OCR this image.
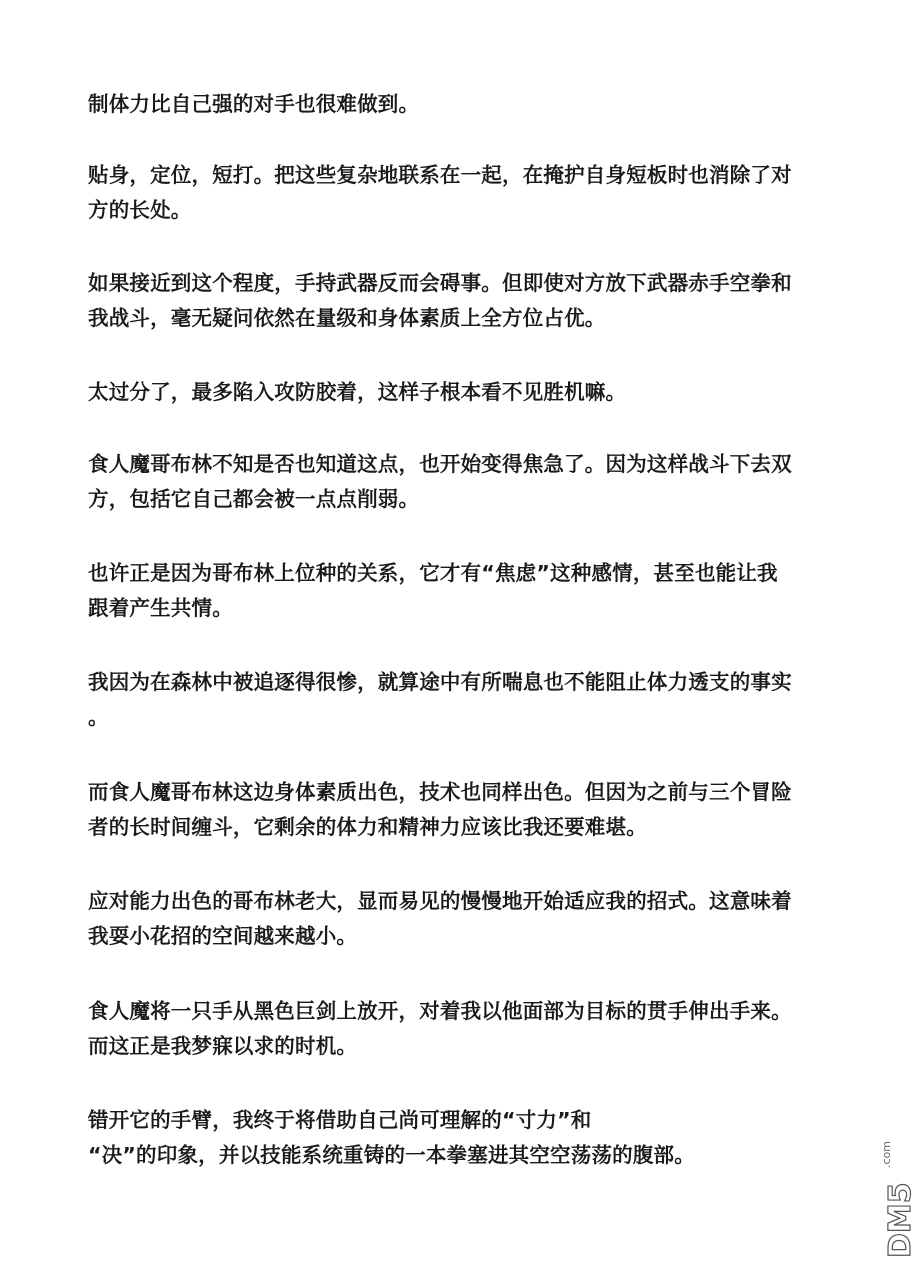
制体力比自己强的对手也很难做到。

贴身，定位，短打。把这些复杂地联系在一起，在掩护自身短板时也消除了对
方的长处。

如果接近到这个程度，手持武器反而会碍事。但即使对方放下武器赤手空拳和
我战斗，毫无疑问依然在量级和身体素质上全方位占优。

太过分了，最多陷入攻防胶着，这样子根本看不见胜机嘛。

食人魔哥布林不知是否也知道这点，也开始变得焦急了。因为这样战斗下去双
方，包括它自己都会被一点点削弱。

也许正是因为哥布林上位种的关系，它才有“焦虑”这种感情，甚至也能让我
跟着产生共情。

我因为在森林中被追逐得很惨，就算途中有所喘息也不能阻止体力透支的事实
。

而食人魔哥布林这边身体素质出色，技术也同样出色。但因为之前与三个冒险
者的长时间缠斗，它剩余的体力和精神力应该比我还要难堪。

应对能力出色的哥布林老大，显而易见的慢慢地开始适应我的招式。这意味着
我耍小花招的空间越来越小。

食人魔将一只手从黑色巨剑上放开，对着我以他面部为目标的贯手伸出手来。
而这正是我梦寐以求的时机。

错开它的手臂，我终于将借助自己尚可理解的“寸力”和
“决”的印象，并以技能系统重铸的一本拳塞进其空空荡荡的腹部。

DM5
.com
